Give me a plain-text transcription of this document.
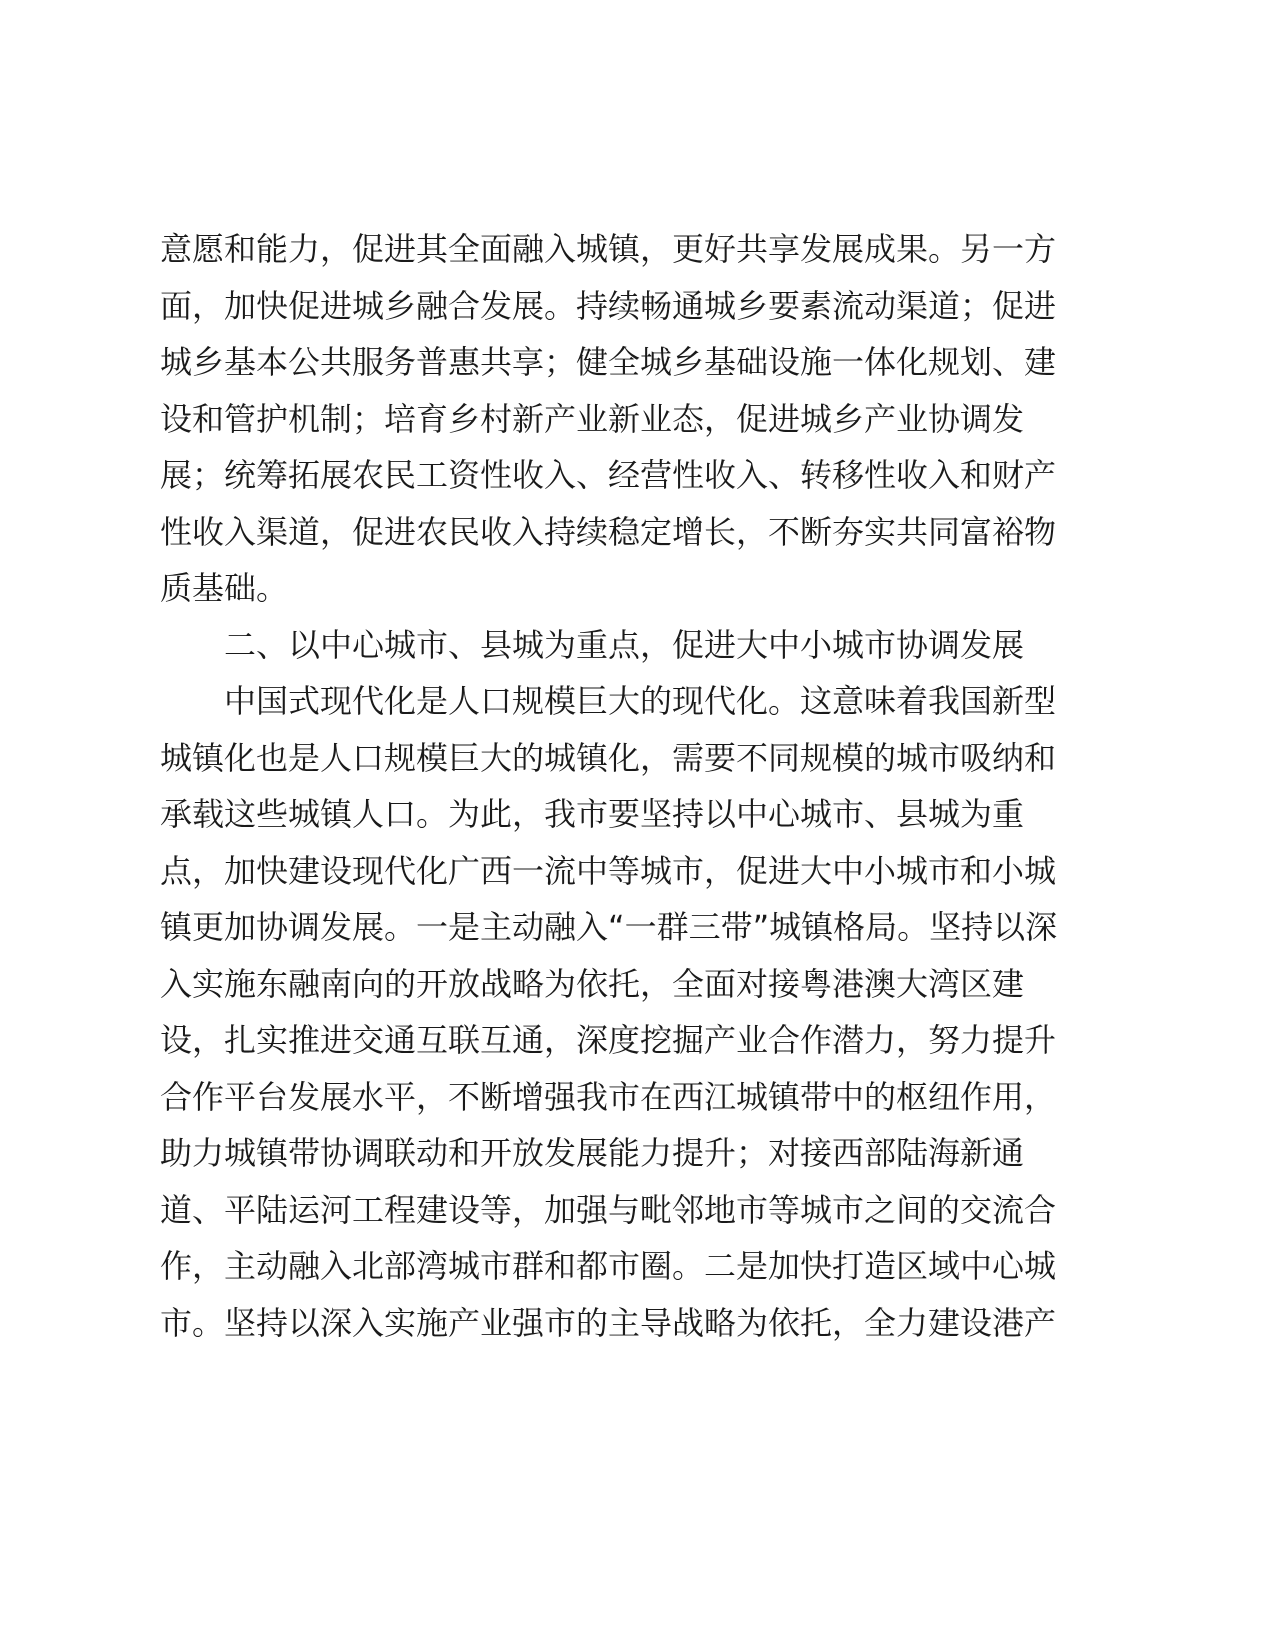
意愿和能力，促进其全面融入城镇，更好共享发展成果。另一方
面，加快促进城乡融合发展。持续畅通城乡要素流动渠道；促进
城乡基本公共服务普惠共享；健全城乡基础设施一体化规划、建
设和管护机制；培育乡村新产业新业态，促进城乡产业协调发
展；统筹拓展农民工资性收入、经营性收入、转移性收入和财产
性收入渠道，促进农民收入持续稳定增长，不断夯实共同富裕物
质基础。
二、以中心城市、县城为重点，促进大中小城市协调发展
中国式现代化是人口规模巨大的现代化。这意味着我国新型
城镇化也是人口规模巨大的城镇化，需要不同规模的城市吸纳和
承载这些城镇人口。为此，我市要坚持以中心城市、县城为重
点，加快建设现代化广西一流中等城市，促进大中小城市和小城
镇更加协调发展。一是主动融入“一群三带”城镇格局。坚持以深
入实施东融南向的开放战略为依托，全面对接粤港澳大湾区建
设，扎实推进交通互联互通，深度挖掘产业合作潜力，努力提升
合作平台发展水平，不断增强我市在西江城镇带中的枢纽作用，
助力城镇带协调联动和开放发展能力提升；对接西部陆海新通
道、平陆运河工程建设等，加强与毗邻地市等城市之间的交流合
作，主动融入北部湾城市群和都市圈。二是加快打造区域中心城
市。坚持以深入实施产业强市的主导战略为依托，全力建设港产
